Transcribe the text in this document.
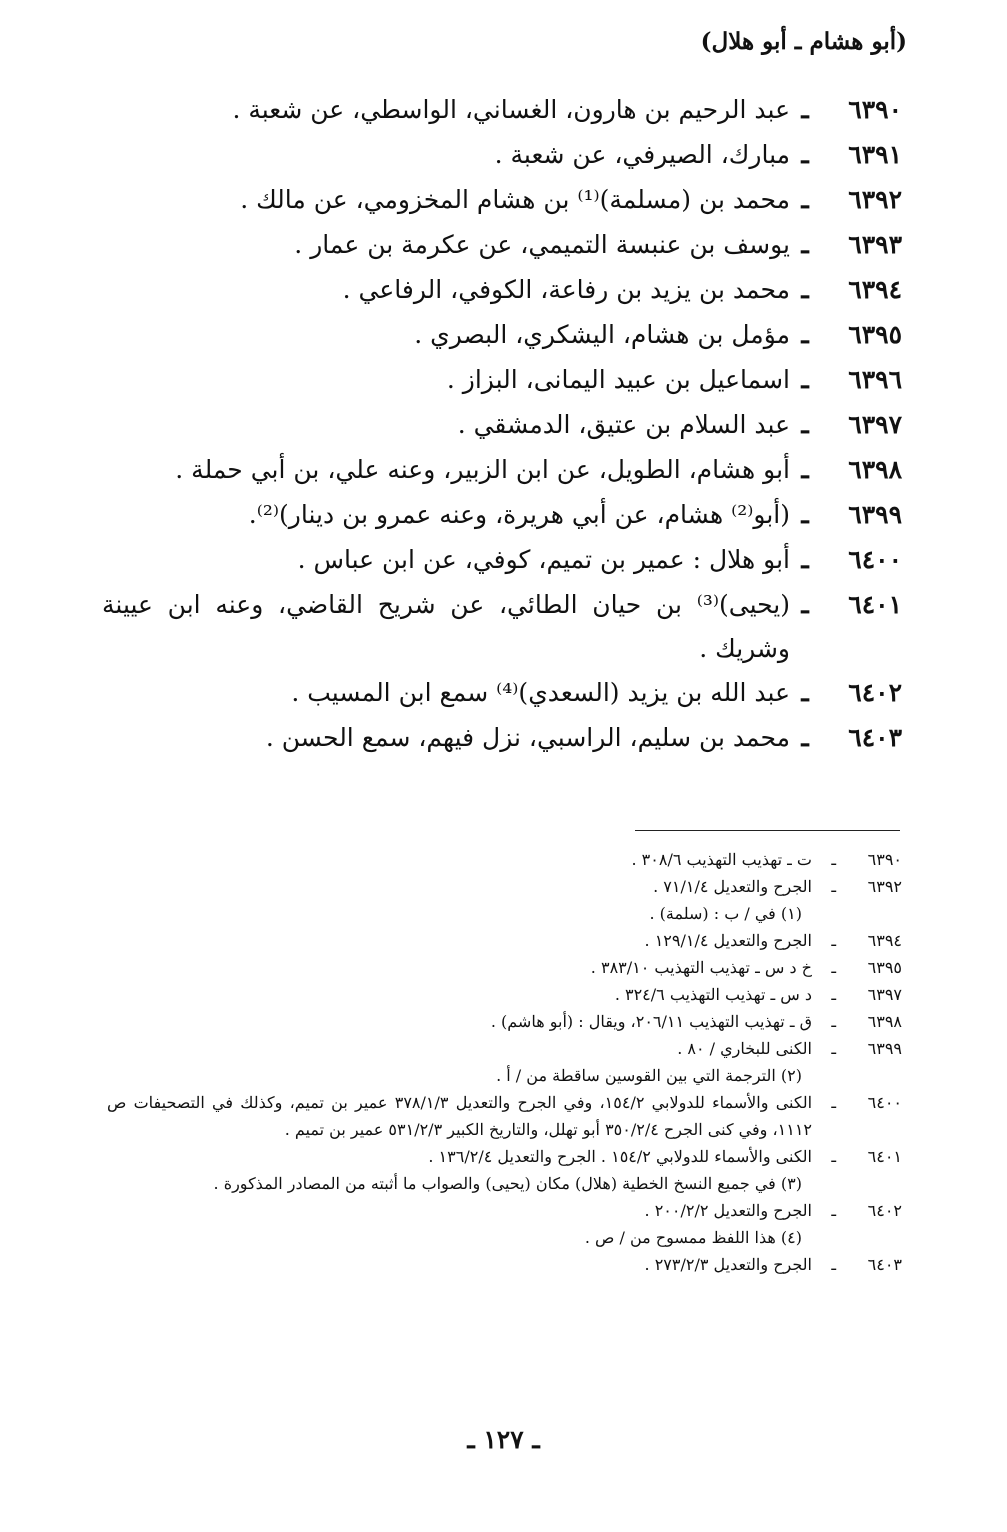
(أبو هشام ـ أبو هلال)
٦٣٩٠
ـ
عبد الرحيم بن هارون، الغساني، الواسطي، عن شعبة .
٦٣٩١
ـ
مبارك، الصيرفي، عن شعبة .
٦٣٩٢
ـ
محمد بن (مسلمة)⁽¹⁾ بن هشام المخزومي، عن مالك .
٦٣٩٣
ـ
يوسف بن عنبسة التميمي، عن عكرمة بن عمار .
٦٣٩٤
ـ
محمد بن يزيد بن رفاعة، الكوفي، الرفاعي .
٦٣٩٥
ـ
مؤمل بن هشام، اليشكري، البصري .
٦٣٩٦
ـ
اسماعيل بن عبيد اليمانى، البزاز .
٦٣٩٧
ـ
عبد السلام بن عتيق، الدمشقي .
٦٣٩٨
ـ
أبو هشام، الطويل، عن ابن الزبير، وعنه علي، بن أبي حملة .
٦٣٩٩
ـ
(أبو⁽²⁾ هشام، عن أبي هريرة، وعنه عمرو بن دينار)⁽²⁾.
٦٤٠٠
ـ
أبو هلال : عمير بن تميم، كوفي، عن ابن عباس .
٦٤٠١
ـ
(يحيى)⁽³⁾ بن حيان الطائي، عن شريح القاضي، وعنه ابن عيينة وشريك .
٦٤٠٢
ـ
عبد الله بن يزيد (السعدي)⁽⁴⁾ سمع ابن المسيب .
٦٤٠٣
ـ
محمد بن سليم، الراسبي، نزل فيهم، سمع الحسن .
٦٣٩٠
ـ
ت ـ تهذيب التهذيب ٣٠٨/٦ .
٦٣٩٢
ـ
الجرح والتعديل ٧١/١/٤ .
(١) في / ب : (سلمة) .
٦٣٩٤
ـ
الجرح والتعديل ١٢٩/١/٤ .
٦٣٩٥
ـ
خ د س ـ تهذيب التهذيب ٣٨٣/١٠ .
٦٣٩٧
ـ
د س ـ تهذيب التهذيب ٣٢٤/٦ .
٦٣٩٨
ـ
ق ـ تهذيب التهذيب ٢٠٦/١١، ويقال : (أبو هاشم) .
٦٣٩٩
ـ
الكنى للبخاري / ٨٠ .
(٢) الترجمة التي بين القوسين ساقطة من / أ .
٦٤٠٠
ـ
الكنى والأسماء للدولابي ١٥٤/٢، وفي الجرح والتعديل ٣٧٨/١/٣ عمير بن تميم، وكذلك في التصحيفات ص ١١١٢، وفي كنى الجرح ٣٥٠/٢/٤ أبو تهلل، والتاريخ الكبير ٥٣١/٢/٣ عمير بن تميم .
٦٤٠١
ـ
الكنى والأسماء للدولابي ١٥٤/٢ . الجرح والتعديل ١٣٦/٢/٤ .
(٣) في جميع النسخ الخطية (هلال) مكان (يحيى) والصواب ما أثبته من المصادر المذكورة .
٦٤٠٢
ـ
الجرح والتعديل ٢٠٠/٢/٢ .
(٤) هذا اللفظ ممسوح من / ص .
٦٤٠٣
ـ
الجرح والتعديل ٢٧٣/٢/٣ .
ـ ١٢٧ ـ
